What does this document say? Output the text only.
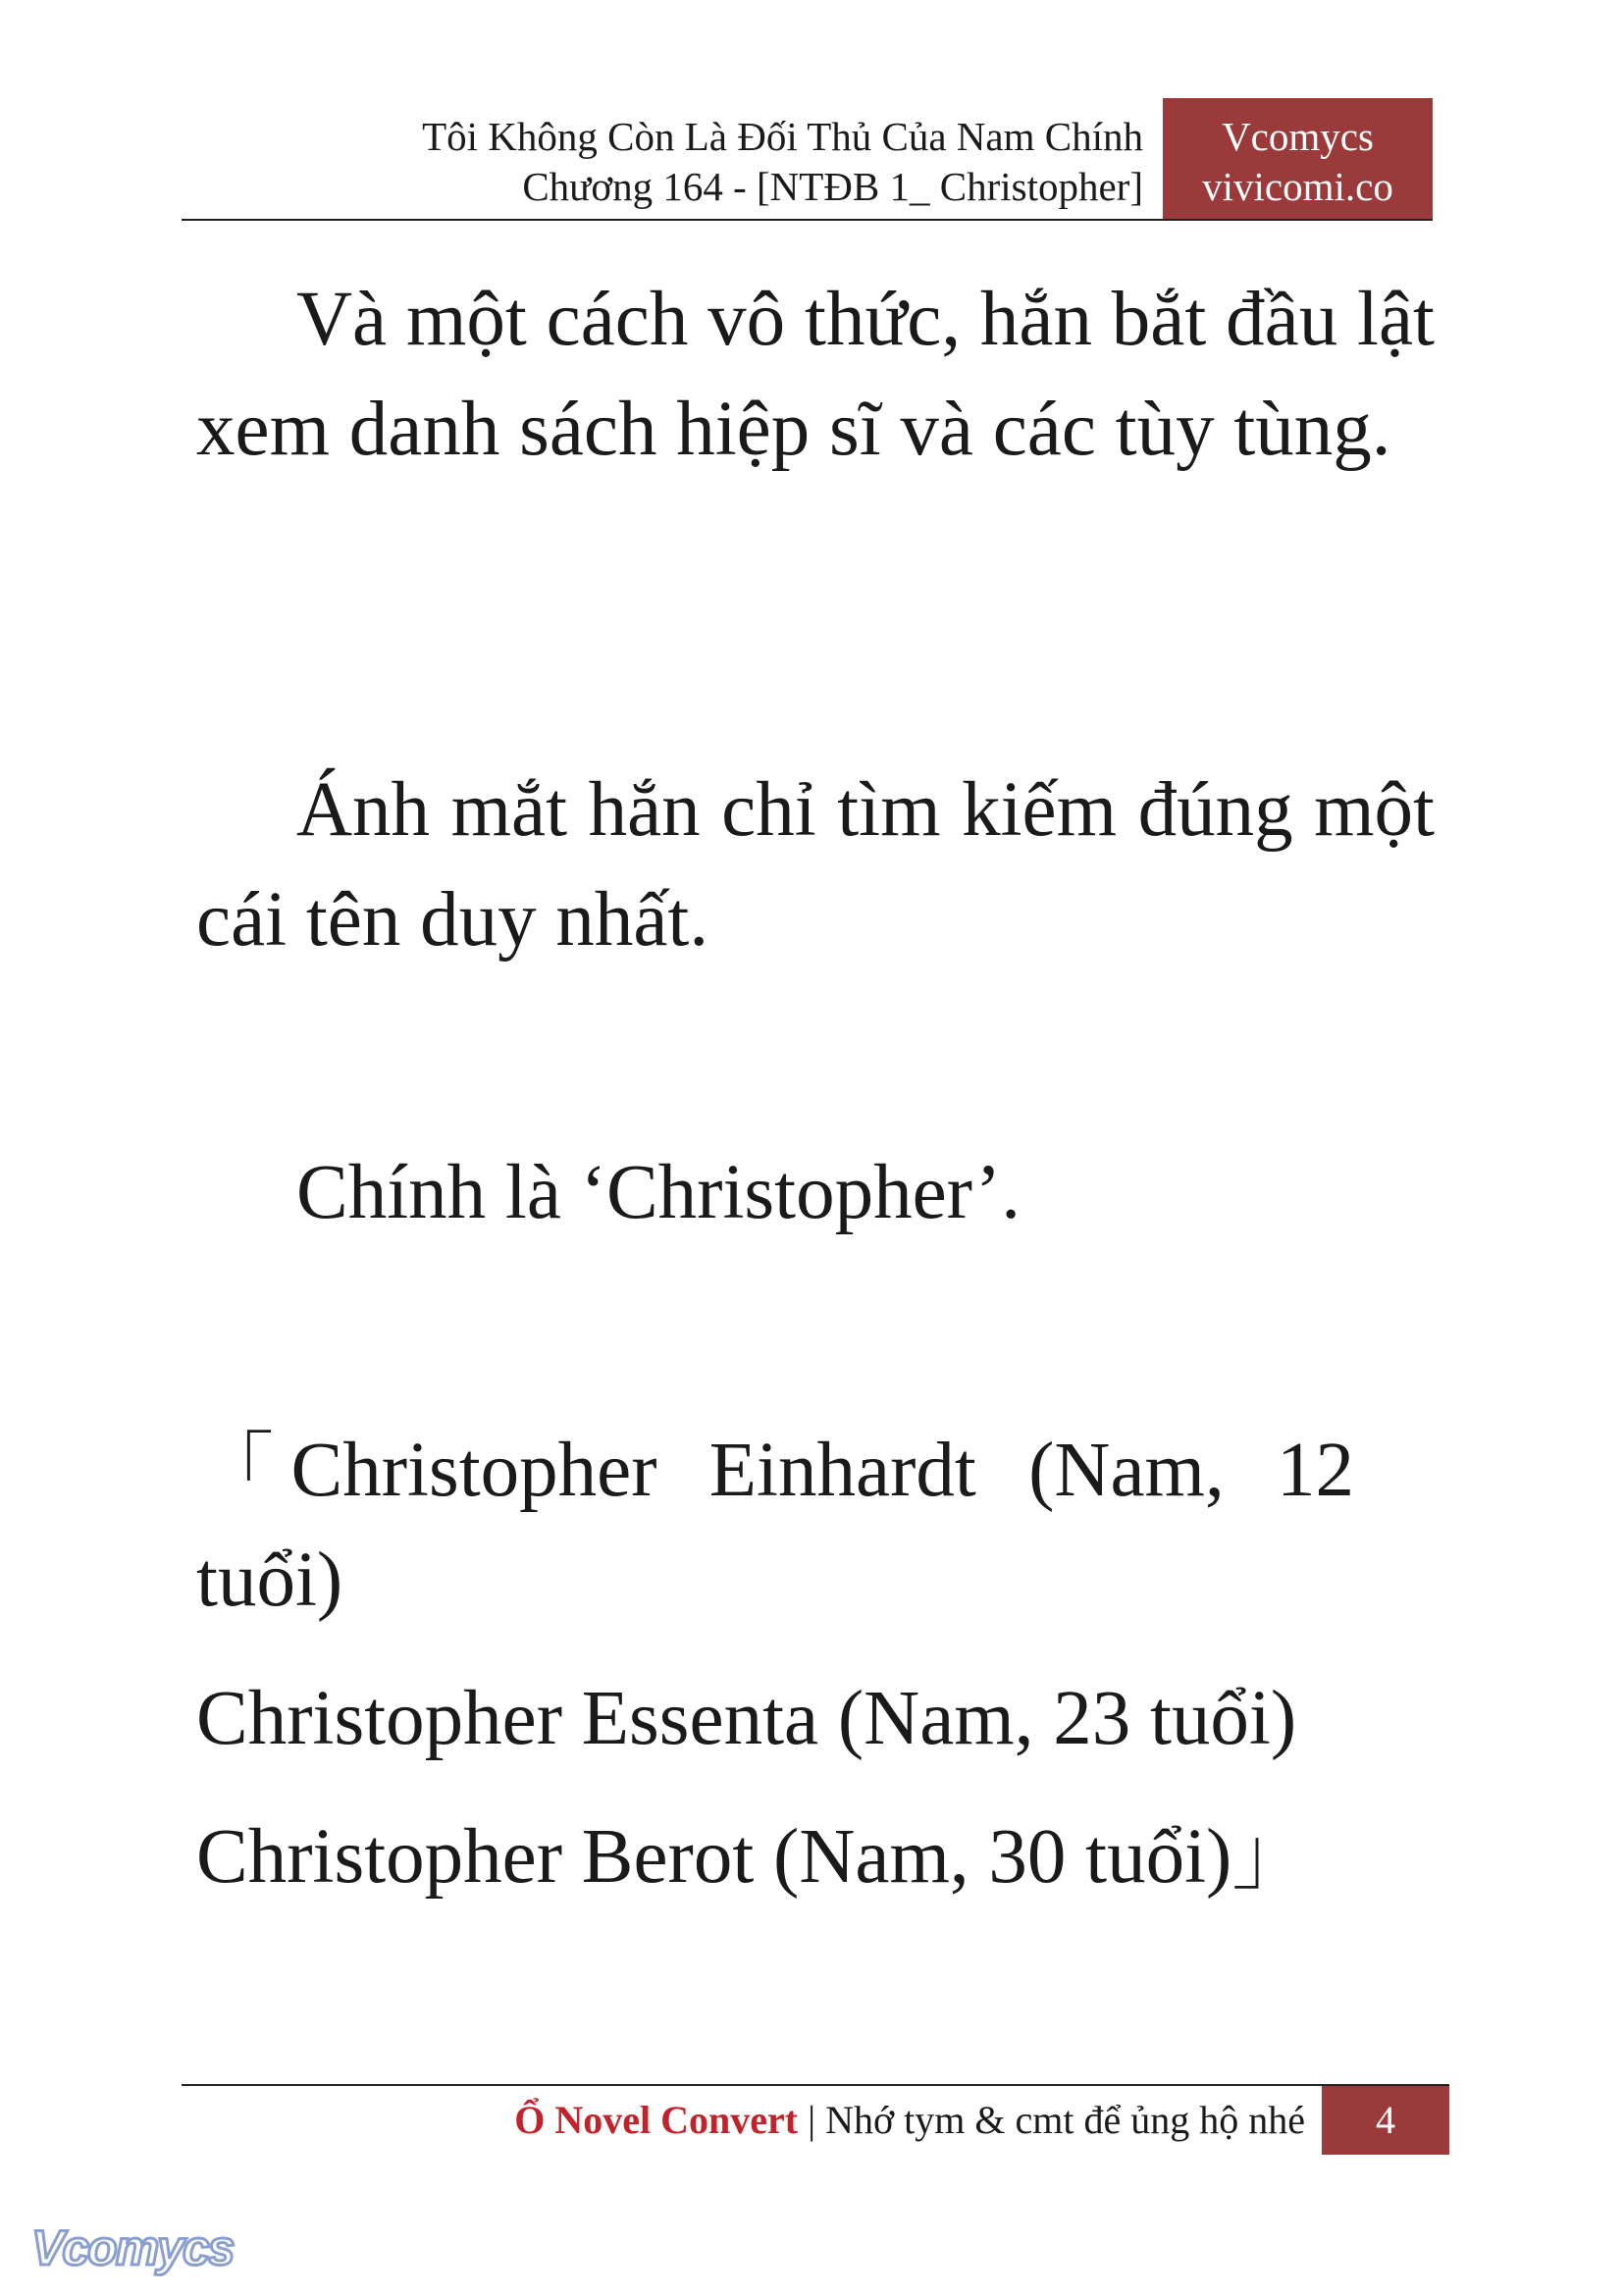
Tôi Không Còn Là Đối Thủ Của Nam Chính
Chương 164 - [NTĐB 1_ Christopher]
Vcomycs
vivicomi.co

Và một cách vô thức, hắn bắt đầu lật xem danh sách hiệp sĩ và các tùy tùng.

Ánh mắt hắn chỉ tìm kiếm đúng một cái tên duy nhất.

Chính là ‘Christopher’.

「Christopher Einhardt (Nam, 12 tuổi)
Christopher Essenta (Nam, 23 tuổi)
Christopher Berot (Nam, 30 tuổi)」
Ổ Novel Convert | Nhớ tym & cmt để ủng hộ nhé	4
Vcomycs
